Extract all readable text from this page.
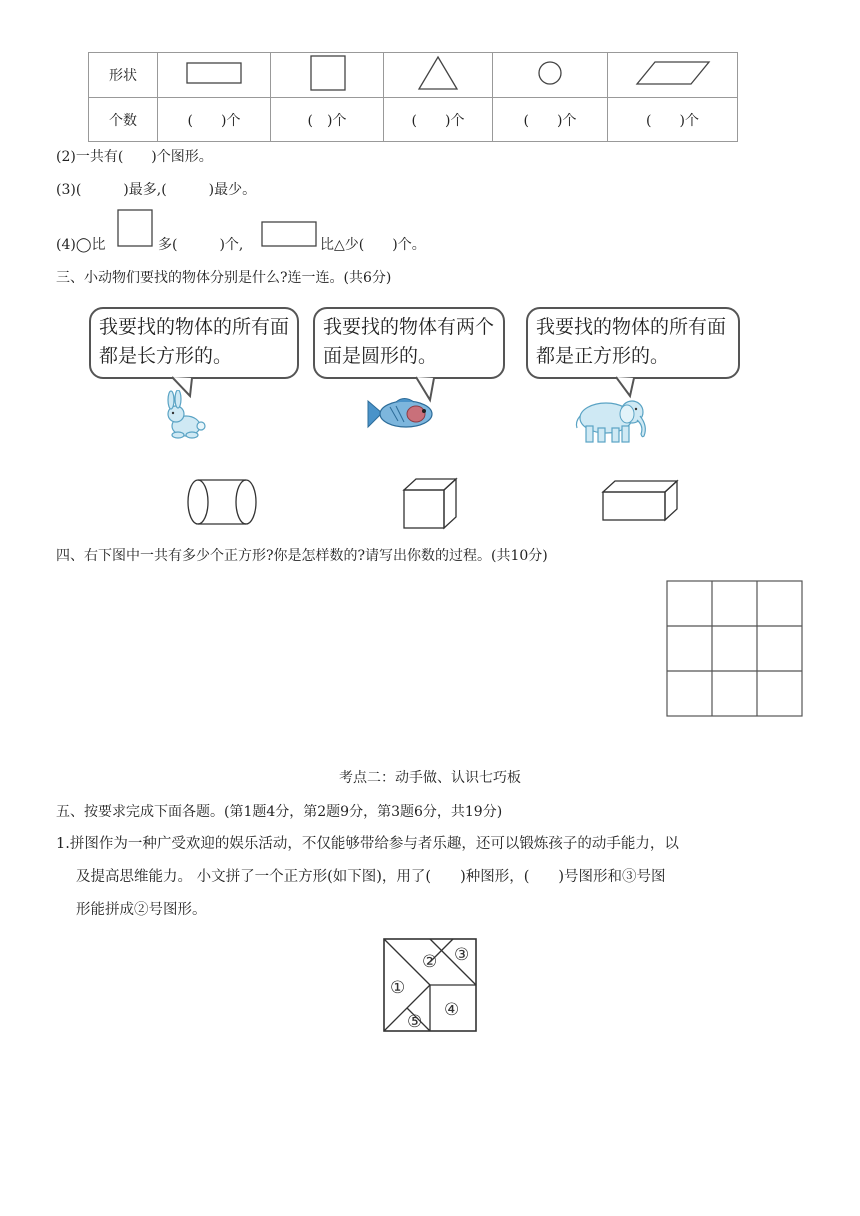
形状					
个数	(　　)个	(　)个	(　　)个	(　　)个	(　　)个
(2)一共有(　　)个图形。
(3)(　　　)最多,(　　　)最少。
(4)◯比	多(　　　)个,	比△少(　　)个。
三、小动物们要找的物体分别是什么?连一连。(共6分)
我要找的物体的所有面都是长方形的。
我要找的物体有两个面是圆形的。
我要找的物体的所有面都是正方形的。
四、右下图中一共有多少个正方形?你是怎样数的?请写出你数的过程。(共10分)
考点二：动手做、认识七巧板
五、按要求完成下面各题。(第1题4分，第2题9分，第3题6分，共19分)
1.拼图作为一种广受欢迎的娱乐活动，不仅能够带给参与者乐趣，还可以锻炼孩子的动手能力，以
及提高思维能力。 小文拼了一个正方形(如下图)，用了(　　)种图形，(　　)号图形和③号图
形能拼成②号图形。
①
② ③
④
⑤
